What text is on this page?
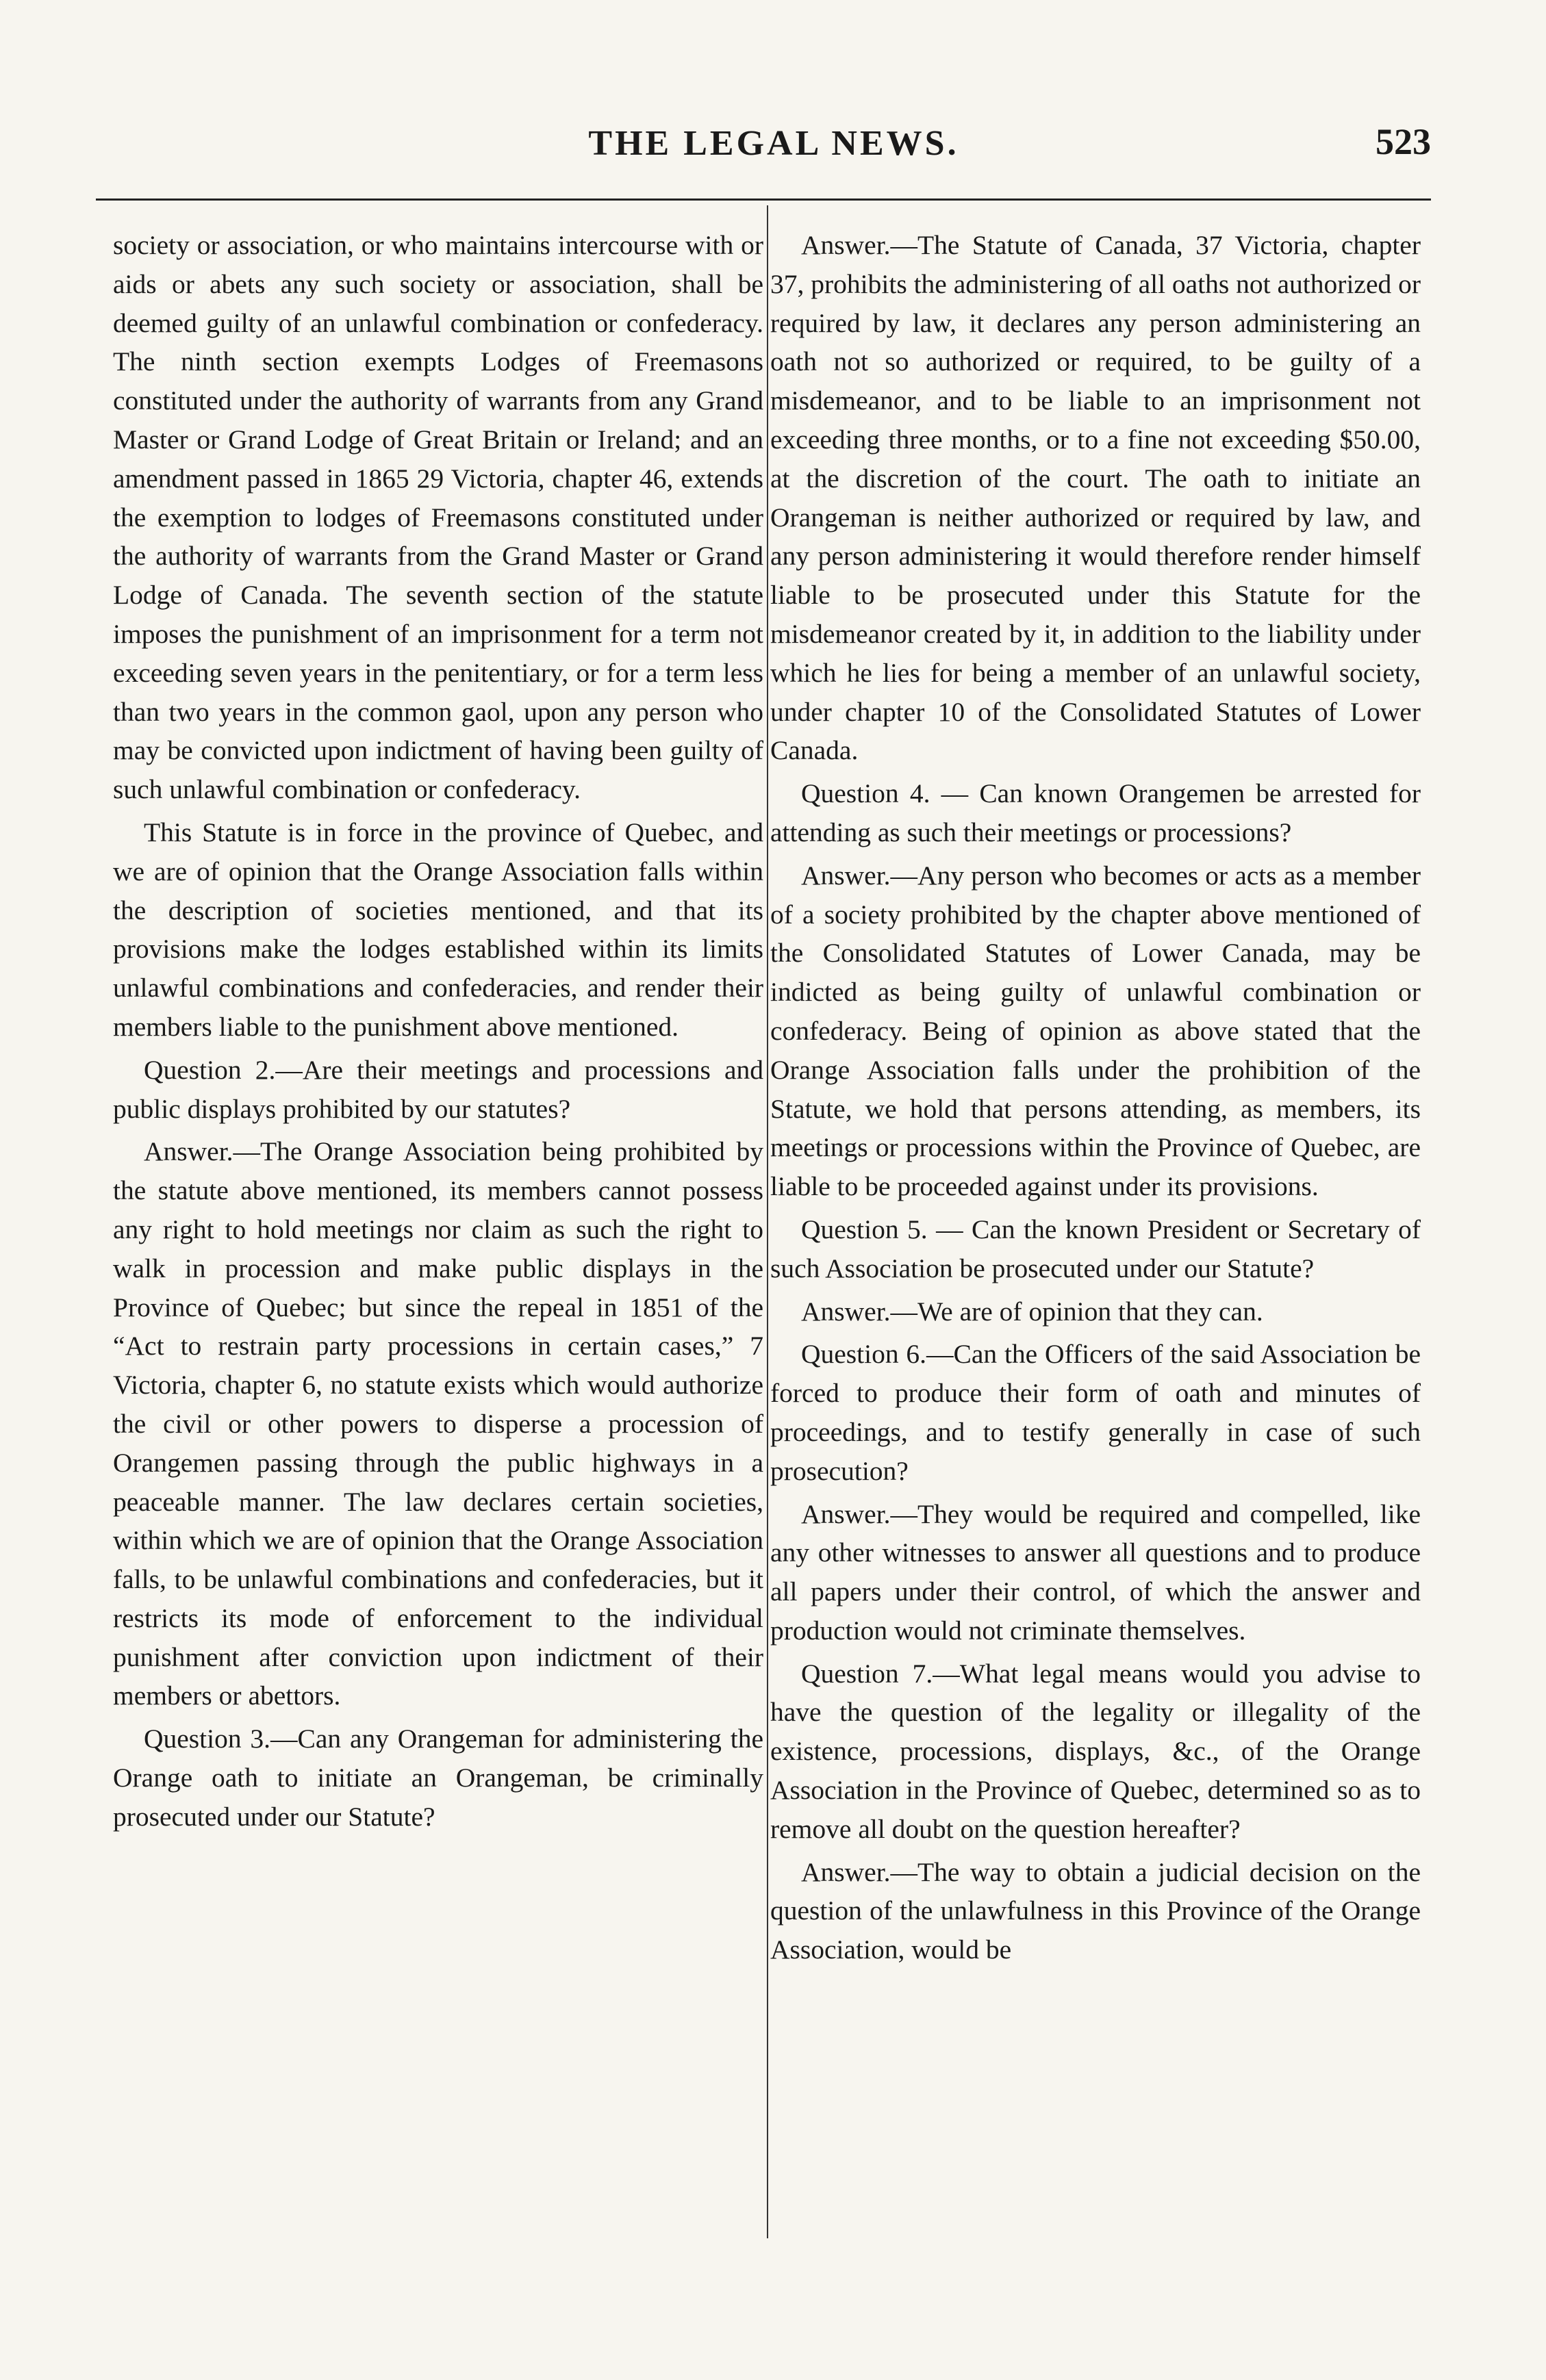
THE LEGAL NEWS.	523

society or association, or who maintains intercourse with or aids or abets any such society or association, shall be deemed guilty of an unlawful combination or confederacy. The ninth section exempts Lodges of Freemasons constituted under the authority of warrants from any Grand Master or Grand Lodge of Great Britain or Ireland; and an amendment passed in 1865 29 Victoria, chapter 46, extends the exemption to lodges of Freemasons constituted under the authority of warrants from the Grand Master or Grand Lodge of Canada. The seventh section of the statute imposes the punishment of an imprisonment for a term not exceeding seven years in the penitentiary, or for a term less than two years in the common gaol, upon any person who may be convicted upon indictment of having been guilty of such unlawful combination or confederacy.

This Statute is in force in the province of Quebec, and we are of opinion that the Orange Association falls within the description of societies mentioned, and that its provisions make the lodges established within its limits unlawful combinations and confederacies, and render their members liable to the punishment above mentioned.

Question 2.—Are their meetings and processions and public displays prohibited by our statutes?

Answer.—The Orange Association being prohibited by the statute above mentioned, its members cannot possess any right to hold meetings nor claim as such the right to walk in procession and make public displays in the Province of Quebec; but since the repeal in 1851 of the “Act to restrain party processions in certain cases,” 7 Victoria, chapter 6, no statute exists which would authorize the civil or other powers to disperse a procession of Orangemen passing through the public highways in a peaceable manner. The law declares certain societies, within which we are of opinion that the Orange Association falls, to be unlawful combinations and confederacies, but it restricts its mode of enforcement to the individual punishment after conviction upon indictment of their members or abettors.

Question 3.—Can any Orangeman for administering the Orange oath to initiate an Orangeman, be criminally prosecuted under our Statute?

Answer.—The Statute of Canada, 37 Victoria, chapter 37, prohibits the administering of all oaths not authorized or required by law, it declares any person administering an oath not so authorized or required, to be guilty of a misdemeanor, and to be liable to an imprisonment not exceeding three months, or to a fine not exceeding $50.00, at the discretion of the court. The oath to initiate an Orangeman is neither authorized or required by law, and any person administering it would therefore render himself liable to be prosecuted under this Statute for the misdemeanor created by it, in addition to the liability under which he lies for being a member of an unlawful society, under chapter 10 of the Consolidated Statutes of Lower Canada.

Question 4. — Can known Orangemen be arrested for attending as such their meetings or processions?

Answer.—Any person who becomes or acts as a member of a society prohibited by the chapter above mentioned of the Consolidated Statutes of Lower Canada, may be indicted as being guilty of unlawful combination or confederacy. Being of opinion as above stated that the Orange Association falls under the prohibition of the Statute, we hold that persons attending, as members, its meetings or processions within the Province of Quebec, are liable to be proceeded against under its provisions.

Question 5. — Can the known President or Secretary of such Association be prosecuted under our Statute?

Answer.—We are of opinion that they can.

Question 6.—Can the Officers of the said Association be forced to produce their form of oath and minutes of proceedings, and to testify generally in case of such prosecution?

Answer.—They would be required and compelled, like any other witnesses to answer all questions and to produce all papers under their control, of which the answer and production would not criminate themselves.

Question 7.—What legal means would you advise to have the question of the legality or illegality of the existence, processions, displays, &c., of the Orange Association in the Province of Quebec, determined so as to remove all doubt on the question hereafter?

Answer.—The way to obtain a judicial decision on the question of the unlawfulness in this Province of the Orange Association, would be
